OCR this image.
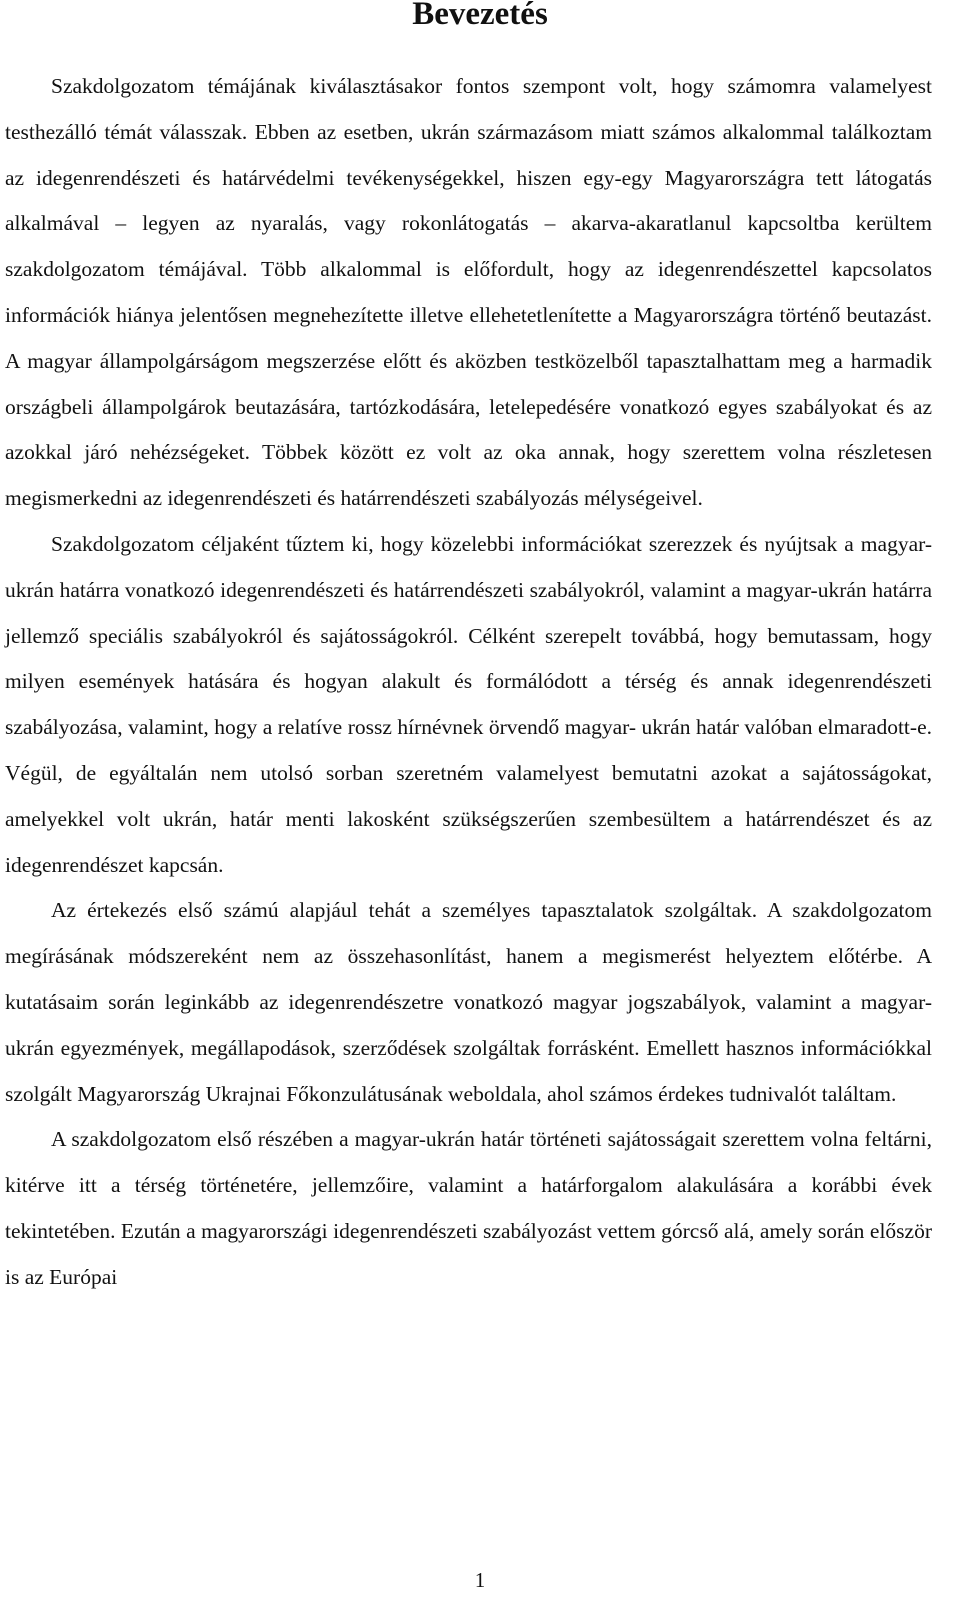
Bevezetés

Szakdolgozatom témájának kiválasztásakor fontos szempont volt, hogy számomra valamelyest testhezálló témát válasszak. Ebben az esetben, ukrán származásom miatt számos alkalommal találkoztam az idegenrendészeti és határvédelmi tevékenységekkel, hiszen egy-egy Magyarországra tett látogatás alkalmával – legyen az nyaralás, vagy rokonlátogatás – akarva-akaratlanul kapcsoltba kerültem szakdolgozatom témájával. Több alkalommal is előfordult, hogy az idegenrendészettel kapcsolatos információk hiánya jelentősen megnehezítette illetve ellehetetlenítette a Magyarországra történő beutazást. A magyar állampolgárságom megszerzése előtt és aközben testközelből tapasztalhattam meg a harmadik országbeli állampolgárok beutazására, tartózkodására, letelepedésére vonatkozó egyes szabályokat és az azokkal járó nehézségeket. Többek között ez volt az oka annak, hogy szerettem volna részletesen megismerkedni az idegenrendészeti és határrendészeti szabályozás mélységeivel.

Szakdolgozatom céljaként tűztem ki, hogy közelebbi információkat szerezzek és nyújtsak a magyar-ukrán határra vonatkozó idegenrendészeti és határrendészeti szabályokról, valamint a magyar-ukrán határra jellemző speciális szabályokról és sajátosságokról. Célként szerepelt továbbá, hogy bemutassam, hogy milyen események hatására és hogyan alakult és formálódott a térség és annak idegenrendészeti szabályozása, valamint, hogy a relatíve rossz hírnévnek örvendő magyar- ukrán határ valóban elmaradott-e. Végül, de egyáltalán nem utolsó sorban szeretném valamelyest bemutatni azokat a sajátosságokat, amelyekkel volt ukrán, határ menti lakosként szükségszerűen szembesültem a határrendészet és az idegenrendészet kapcsán.

Az értekezés első számú alapjául tehát a személyes tapasztalatok szolgáltak. A szakdolgozatom megírásának módszereként nem az összehasonlítást, hanem a megismerést helyeztem előtérbe. A kutatásaim során leginkább az idegenrendészetre vonatkozó magyar jogszabályok, valamint a magyar-ukrán egyezmények, megállapodások, szerződések szolgáltak forrásként. Emellett hasznos információkkal szolgált Magyarország Ukrajnai Főkonzulátusának weboldala, ahol számos érdekes tudnivalót találtam.

A szakdolgozatom első részében a magyar-ukrán határ történeti sajátosságait szerettem volna feltárni, kitérve itt a térség történetére, jellemzőire, valamint a határforgalom alakulására a korábbi évek tekintetében. Ezután a magyarországi idegenrendészeti szabályozást vettem górcső alá, amely során először is az Európai

1
